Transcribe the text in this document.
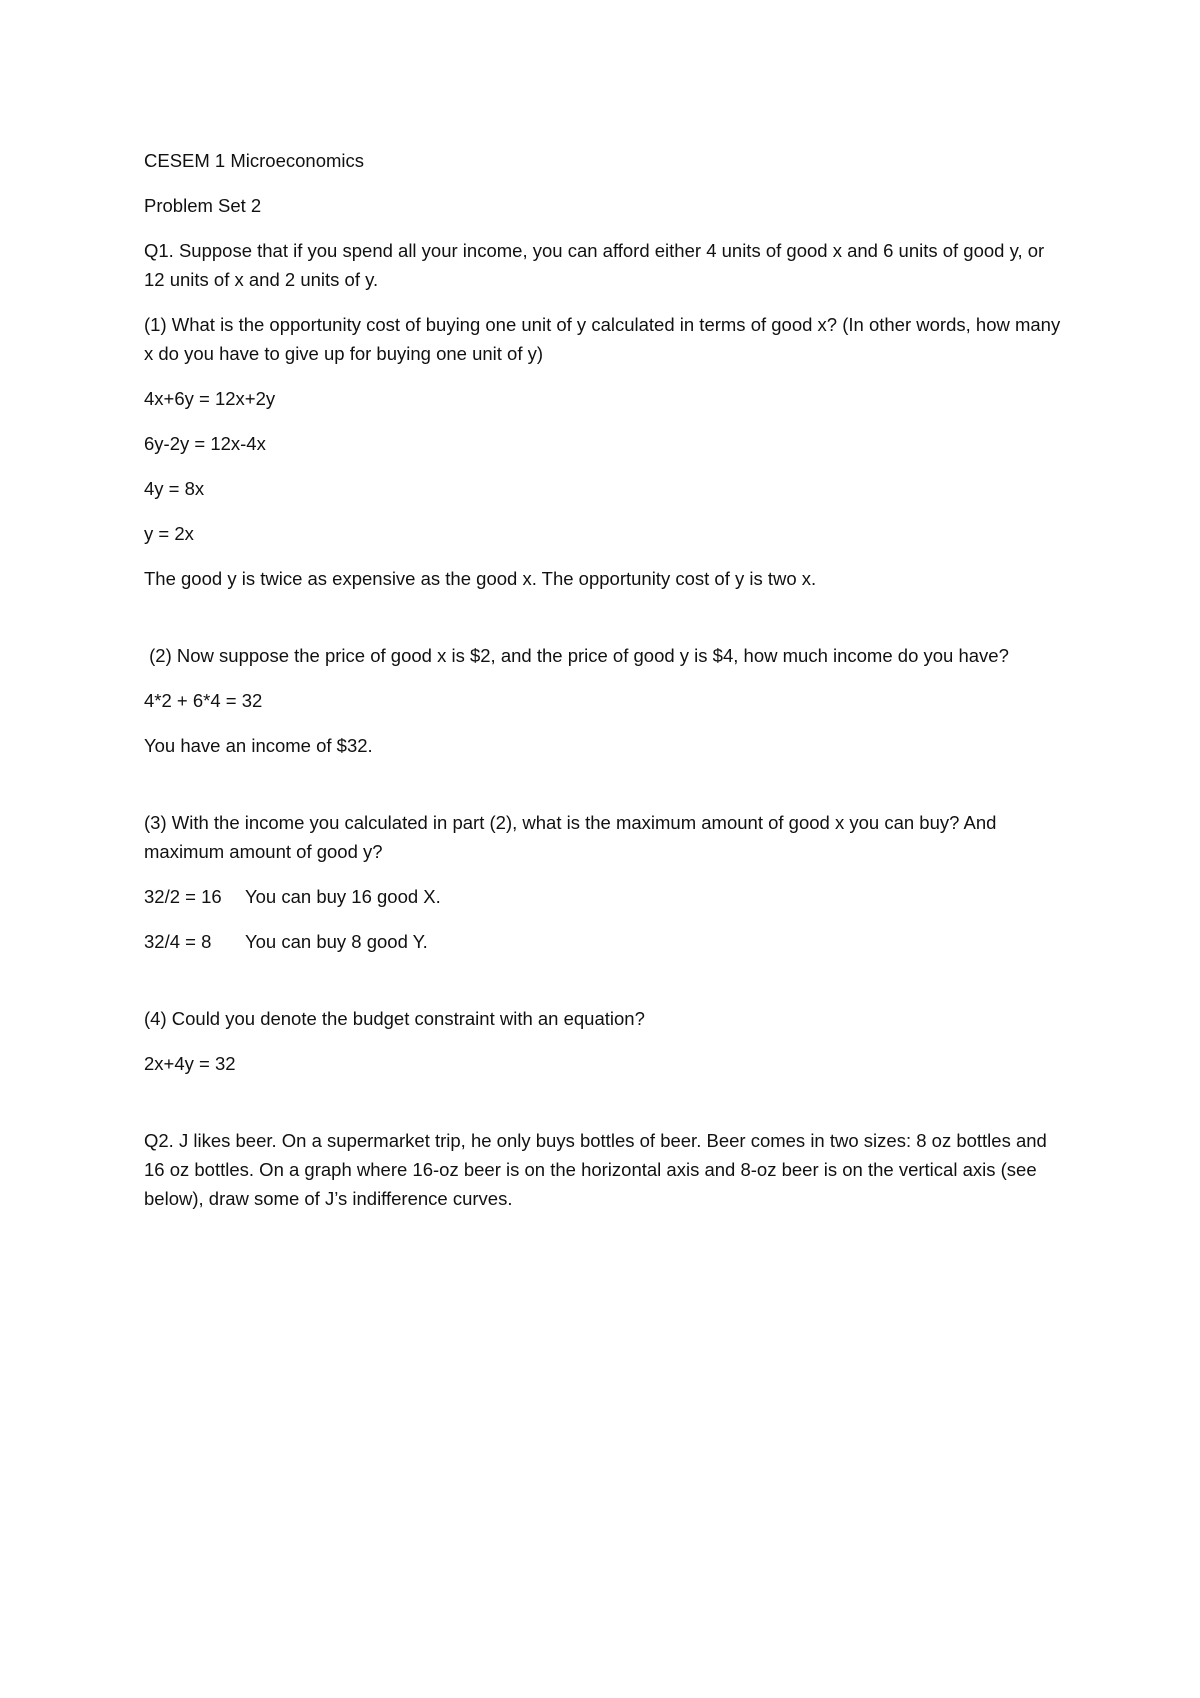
CESEM 1 Microeconomics

Problem Set 2

Q1. Suppose that if you spend all your income, you can afford either 4 units of good x and 6 units of good y, or 12 units of x and 2 units of y.

(1) What is the opportunity cost of buying one unit of y calculated in terms of good x? (In other words, how many x do you have to give up for buying one unit of y)

4x+6y = 12x+2y

6y-2y = 12x-4x

4y = 8x

y = 2x

The good y is twice as expensive as the good x. The opportunity cost of y is two x.

(2) Now suppose the price of good x is $2, and the price of good y is $4, how much income do you have?

4*2 + 6*4 = 32

You have an income of $32.

(3) With the income you calculated in part (2), what is the maximum amount of good x you can buy? And maximum amount of good y?

32/2 = 16 You can buy 16 good X.

32/4 = 8 You can buy 8 good Y.

(4) Could you denote the budget constraint with an equation?

2x+4y = 32

Q2. J likes beer. On a supermarket trip, he only buys bottles of beer. Beer comes in two sizes: 8 oz bottles and 16 oz bottles. On a graph where 16-oz beer is on the horizontal axis and 8-oz beer is on the vertical axis (see below), draw some of J’s indifference curves.
